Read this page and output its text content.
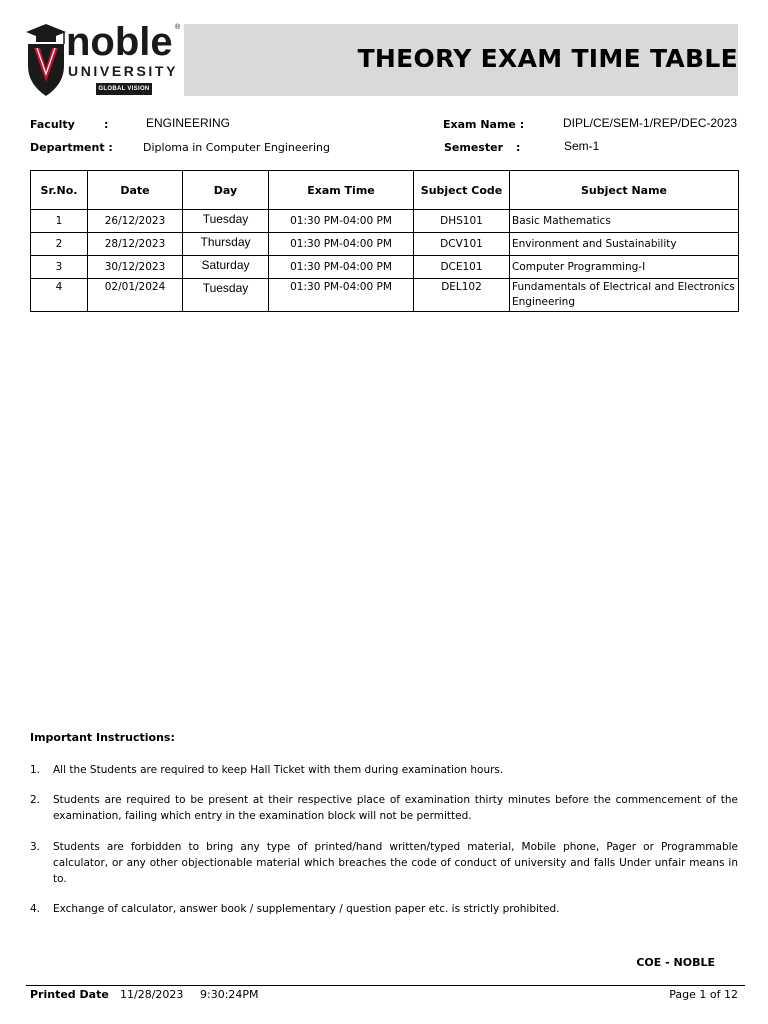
noble ®
UNIVERSITY
GLOBAL VISION
THEORY EXAM TIME TABLE
Faculty	:	ENGINEERING	Exam Name :	DIPL/CE/SEM-1/REP/DEC-2023
Department :	Diploma in Computer Engineering	Semester :	Sem-1
Sr.No.	Date	Day	Exam Time	Subject Code	Subject Name
1	26/12/2023	Tuesday	01:30 PM-04:00 PM	DHS101	Basic Mathematics
2	28/12/2023	Thursday	01:30 PM-04:00 PM	DCV101	Environment and Sustainability
3	30/12/2023	Saturday	01:30 PM-04:00 PM	DCE101	Computer Programming-I
4	02/01/2024	Tuesday	01:30 PM-04:00 PM	DEL102	Fundamentals of Electrical and Electronics Engineering
Important Instructions:
1. All the Students are required to keep Hall Ticket with them during examination hours.
2. Students are required to be present at their respective place of examination thirty minutes before the commencement of the examination, failing which entry in the examination block will not be permitted.
3. Students are forbidden to bring any type of printed/hand written/typed material, Mobile phone, Pager or Programmable calculator, or any other objectionable material which breaches the code of conduct of university and falls Under unfair means in to.
4. Exchange of calculator, answer book / supplementary / question paper etc. is strictly prohibited.
COE - NOBLE
Printed Date 11/28/2023 9:30:24PM	Page 1 of 12
